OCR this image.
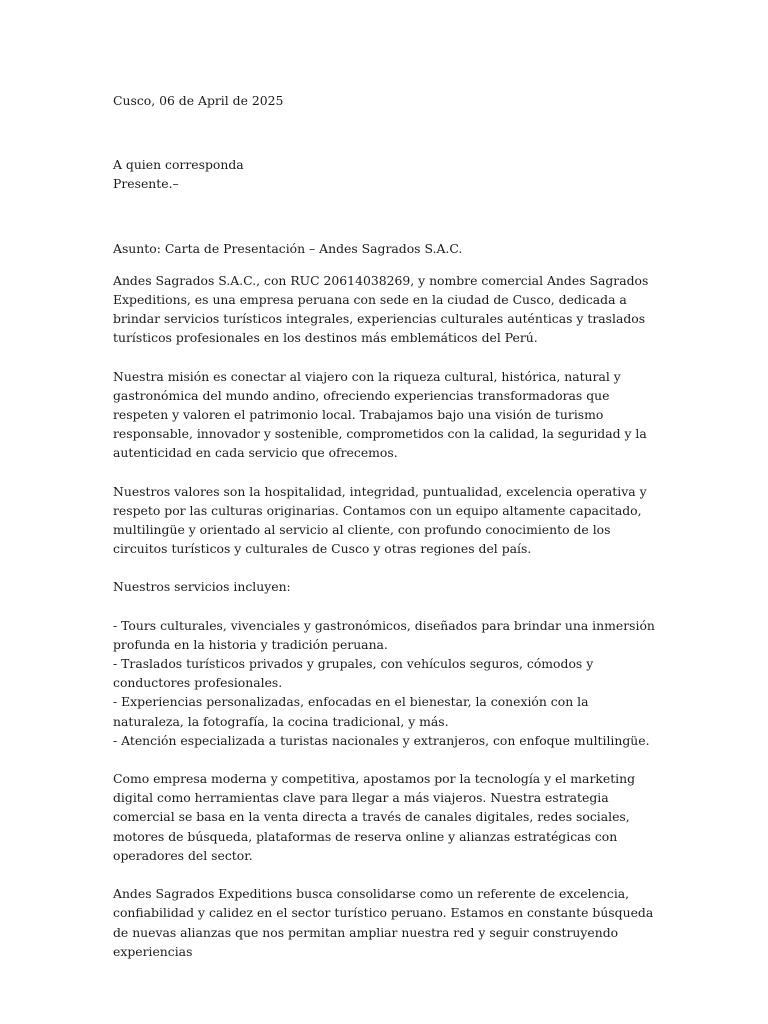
Cusco, 06 de April de 2025

A quien corresponda
Presente.–

Asunto: Carta de Presentación – Andes Sagrados S.A.C.

Andes Sagrados S.A.C., con RUC 20614038269, y nombre comercial Andes Sagrados Expeditions, es una empresa peruana con sede en la ciudad de Cusco, dedicada a brindar servicios turísticos integrales, experiencias culturales auténticas y traslados turísticos profesionales en los destinos más emblemáticos del Perú.

Nuestra misión es conectar al viajero con la riqueza cultural, histórica, natural y gastronómica del mundo andino, ofreciendo experiencias transformadoras que respeten y valoren el patrimonio local. Trabajamos bajo una visión de turismo responsable, innovador y sostenible, comprometidos con la calidad, la seguridad y la autenticidad en cada servicio que ofrecemos.

Nuestros valores son la hospitalidad, integridad, puntualidad, excelencia operativa y respeto por las culturas originarias. Contamos con un equipo altamente capacitado, multilingüe y orientado al servicio al cliente, con profundo conocimiento de los circuitos turísticos y culturales de Cusco y otras regiones del país.

Nuestros servicios incluyen:

- Tours culturales, vivenciales y gastronómicos, diseñados para brindar una inmersión profunda en la historia y tradición peruana.
- Traslados turísticos privados y grupales, con vehículos seguros, cómodos y conductores profesionales.
- Experiencias personalizadas, enfocadas en el bienestar, la conexión con la naturaleza, la fotografía, la cocina tradicional, y más.
- Atención especializada a turistas nacionales y extranjeros, con enfoque multilingüe.

Como empresa moderna y competitiva, apostamos por la tecnología y el marketing digital como herramientas clave para llegar a más viajeros. Nuestra estrategia comercial se basa en la venta directa a través de canales digitales, redes sociales, motores de búsqueda, plataformas de reserva online y alianzas estratégicas con operadores del sector.

Andes Sagrados Expeditions busca consolidarse como un referente de excelencia, confiabilidad y calidez en el sector turístico peruano. Estamos en constante búsqueda de nuevas alianzas que nos permitan ampliar nuestra red y seguir construyendo experiencias
